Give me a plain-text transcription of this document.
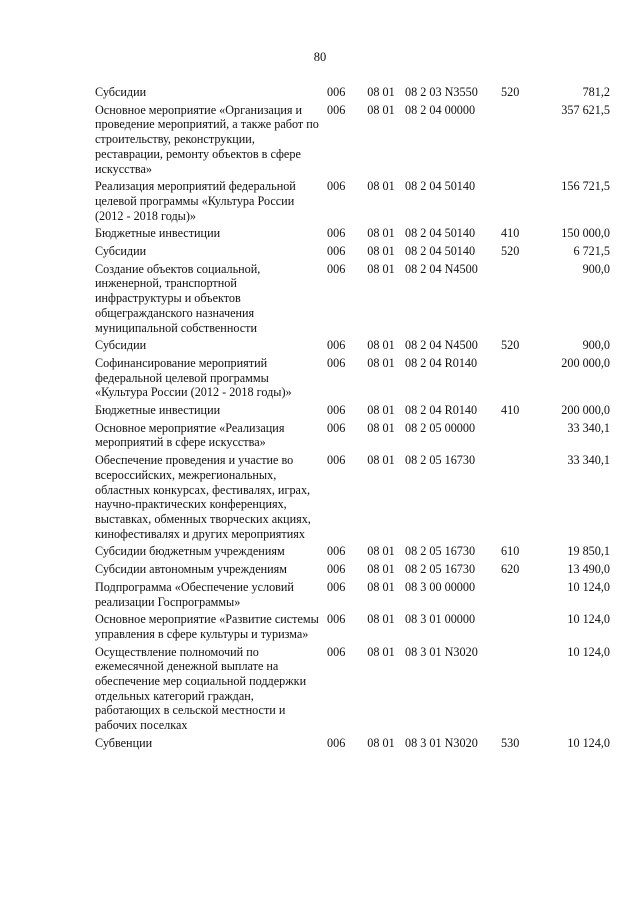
80
Субсидии	006	08 01	08 2 03 N3550	520	781,2
Основное мероприятие «Организация и проведение мероприятий, а также работ по строительству, реконструкции, реставрации, ремонту объектов в сфере искусства»	006	08 01	08 2 04 00000		357 621,5
Реализация мероприятий федеральной целевой программы «Культура России (2012 - 2018 годы)»	006	08 01	08 2 04 50140		156 721,5
Бюджетные инвестиции	006	08 01	08 2 04 50140	410	150 000,0
Субсидии	006	08 01	08 2 04 50140	520	6 721,5
Создание объектов социальной, инженерной, транспортной инфраструктуры и объектов общегражданского назначения муниципальной собственности	006	08 01	08 2 04 N4500		900,0
Субсидии	006	08 01	08 2 04 N4500	520	900,0
Софинансирование мероприятий федеральной целевой программы «Культура России (2012 - 2018 годы)»	006	08 01	08 2 04 R0140		200 000,0
Бюджетные инвестиции	006	08 01	08 2 04 R0140	410	200 000,0
Основное мероприятие «Реализация мероприятий в сфере искусства»	006	08 01	08 2 05 00000		33 340,1
Обеспечение проведения и участие во всероссийских, межрегиональных, областных конкурсах, фестивалях, играх, научно-практических конференциях, выставках, обменных творческих акциях, кинофестивалях и других мероприятиях	006	08 01	08 2 05 16730		33 340,1
Субсидии бюджетным учреждениям	006	08 01	08 2 05 16730	610	19 850,1
Субсидии автономным учреждениям	006	08 01	08 2 05 16730	620	13 490,0
Подпрограмма «Обеспечение условий реализации Госпрограммы»	006	08 01	08 3 00 00000		10 124,0
Основное мероприятие «Развитие системы управления в сфере культуры и туризма»	006	08 01	08 3 01 00000		10 124,0
Осуществление полномочий по ежемесячной денежной выплате на обеспечение мер социальной поддержки отдельных категорий граждан, работающих в сельской местности и рабочих поселках	006	08 01	08 3 01 N3020		10 124,0
Субвенции	006	08 01	08 3 01 N3020	530	10 124,0
